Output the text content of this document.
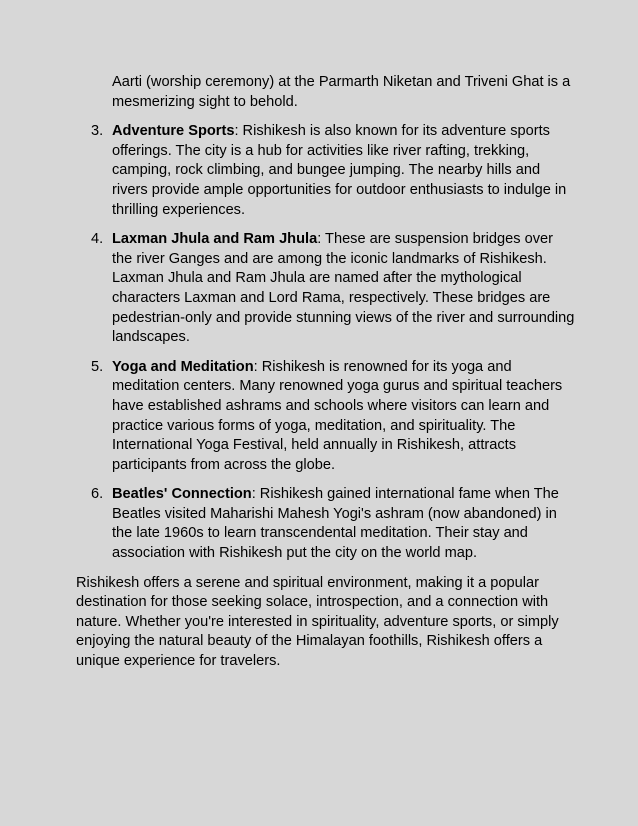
Aarti (worship ceremony) at the Parmarth Niketan and Triveni Ghat is a mesmerizing sight to behold.

3. Adventure Sports: Rishikesh is also known for its adventure sports offerings. The city is a hub for activities like river rafting, trekking, camping, rock climbing, and bungee jumping. The nearby hills and rivers provide ample opportunities for outdoor enthusiasts to indulge in thrilling experiences.
4. Laxman Jhula and Ram Jhula: These are suspension bridges over the river Ganges and are among the iconic landmarks of Rishikesh. Laxman Jhula and Ram Jhula are named after the mythological characters Laxman and Lord Rama, respectively. These bridges are pedestrian-only and provide stunning views of the river and surrounding landscapes.
5. Yoga and Meditation: Rishikesh is renowned for its yoga and meditation centers. Many renowned yoga gurus and spiritual teachers have established ashrams and schools where visitors can learn and practice various forms of yoga, meditation, and spirituality. The International Yoga Festival, held annually in Rishikesh, attracts participants from across the globe.
6. Beatles' Connection: Rishikesh gained international fame when The Beatles visited Maharishi Mahesh Yogi's ashram (now abandoned) in the late 1960s to learn transcendental meditation. Their stay and association with Rishikesh put the city on the world map.

Rishikesh offers a serene and spiritual environment, making it a popular destination for those seeking solace, introspection, and a connection with nature. Whether you're interested in spirituality, adventure sports, or simply enjoying the natural beauty of the Himalayan foothills, Rishikesh offers a unique experience for travelers.
